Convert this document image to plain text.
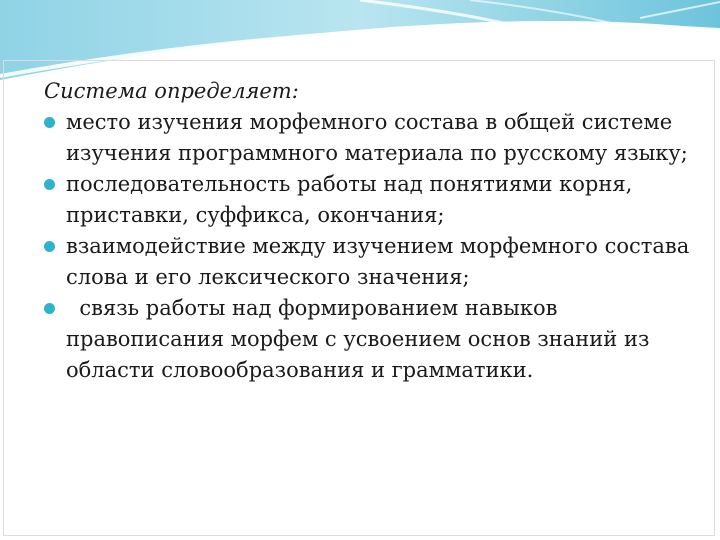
Система определяет:

место изучения морфемного состава в общей системе изучения программного материала по русскому языку;
последовательность работы над понятиями корня, приставки, суффикса, окончания;
взаимодействие между изучением морфемного состава слова и его лексического значения;
связь работы над формированием навыков правописания морфем с усвоением основ знаний из области словообразования и грамматики.
